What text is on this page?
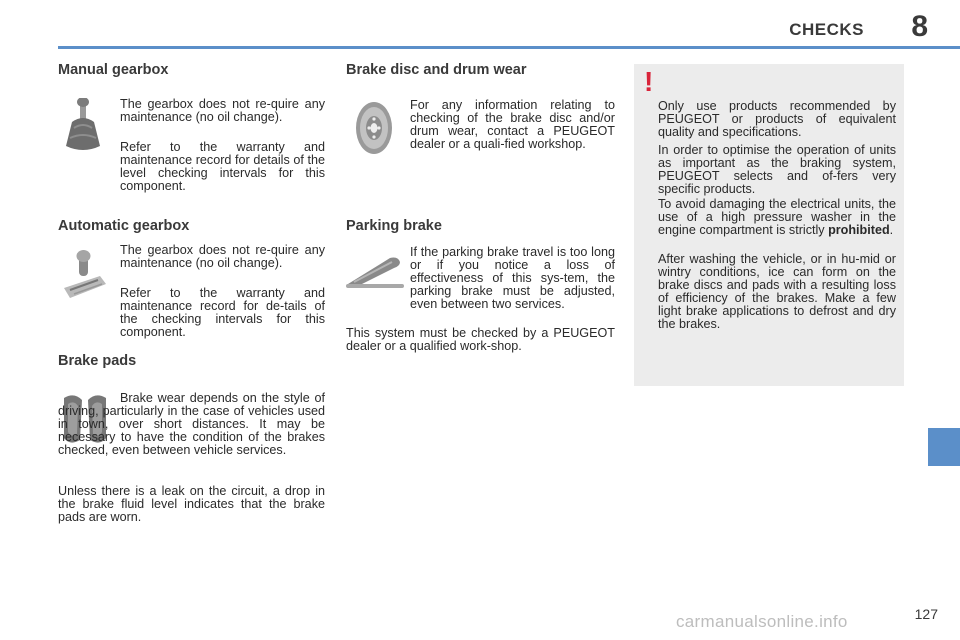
CHECKS 8
Manual gearbox

The gearbox does not re-quire any maintenance (no oil change).

Refer to the warranty and maintenance record for details of the level checking intervals for this component.

Automatic gearbox

The gearbox does not re-quire any maintenance (no oil change).

Refer to the warranty and maintenance record for de-tails of the checking intervals for this component.

Brake pads

Brake wear depends on the style of driving, particularly in the case of vehicles used in town, over short distances. It may be necessary to have the condition of the brakes checked, even between vehicle services.

Unless there is a leak on the circuit, a drop in the brake fluid level indicates that the brake pads are worn.

Brake disc and drum wear

For any information relating to checking of the brake disc and/or drum wear, contact a PEUGEOT dealer or a quali-fied workshop.

Parking brake

If the parking brake travel is too long or if you notice a loss of effectiveness of this sys-tem, the parking brake must be adjusted, even between two services.

This system must be checked by a PEUGEOT dealer or a qualified work-shop.

!

Only use products recommended by PEUGEOT or products of equivalent quality and specifications.

In order to optimise the operation of units as important as the braking system, PEUGEOT selects and of-fers very specific products.

To avoid damaging the electrical units, the use of a high pressure washer in the engine compartment is strictly prohibited.

After washing the vehicle, or in hu-mid or wintry conditions, ice can form on the brake discs and pads with a resulting loss of efficiency of the brakes. Make a few light brake applications to defrost and dry the brakes.

127
carmanualsonline.info
